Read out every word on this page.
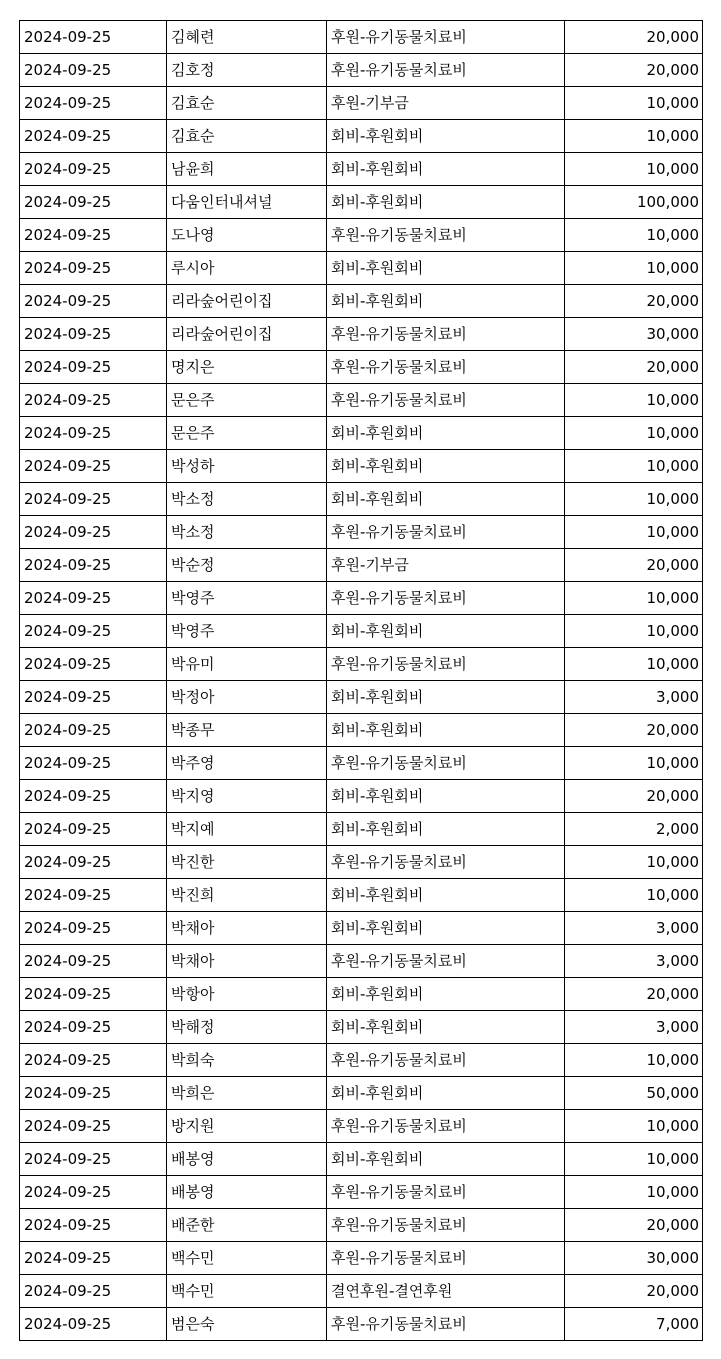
2024-09-25	김혜련	후원-유기동물치료비	20,000
2024-09-25	김호정	후원-유기동물치료비	20,000
2024-09-25	김효순	후원-기부금	10,000
2024-09-25	김효순	회비-후원회비	10,000
2024-09-25	남윤희	회비-후원회비	10,000
2024-09-25	다움인터내셔널	회비-후원회비	100,000
2024-09-25	도나영	후원-유기동물치료비	10,000
2024-09-25	루시아	회비-후원회비	10,000
2024-09-25	리라숲어린이집	회비-후원회비	20,000
2024-09-25	리라숲어린이집	후원-유기동물치료비	30,000
2024-09-25	명지은	후원-유기동물치료비	20,000
2024-09-25	문은주	후원-유기동물치료비	10,000
2024-09-25	문은주	회비-후원회비	10,000
2024-09-25	박성하	회비-후원회비	10,000
2024-09-25	박소정	회비-후원회비	10,000
2024-09-25	박소정	후원-유기동물치료비	10,000
2024-09-25	박순정	후원-기부금	20,000
2024-09-25	박영주	후원-유기동물치료비	10,000
2024-09-25	박영주	회비-후원회비	10,000
2024-09-25	박유미	후원-유기동물치료비	10,000
2024-09-25	박정아	회비-후원회비	3,000
2024-09-25	박종무	회비-후원회비	20,000
2024-09-25	박주영	후원-유기동물치료비	10,000
2024-09-25	박지영	회비-후원회비	20,000
2024-09-25	박지예	회비-후원회비	2,000
2024-09-25	박진한	후원-유기동물치료비	10,000
2024-09-25	박진희	회비-후원회비	10,000
2024-09-25	박채아	회비-후원회비	3,000
2024-09-25	박채아	후원-유기동물치료비	3,000
2024-09-25	박항아	회비-후원회비	20,000
2024-09-25	박해정	회비-후원회비	3,000
2024-09-25	박희숙	후원-유기동물치료비	10,000
2024-09-25	박희은	회비-후원회비	50,000
2024-09-25	방지원	후원-유기동물치료비	10,000
2024-09-25	배봉영	회비-후원회비	10,000
2024-09-25	배봉영	후원-유기동물치료비	10,000
2024-09-25	배준한	후원-유기동물치료비	20,000
2024-09-25	백수민	후원-유기동물치료비	30,000
2024-09-25	백수민	결연후원-결연후원	20,000
2024-09-25	범은숙	후원-유기동물치료비	7,000
